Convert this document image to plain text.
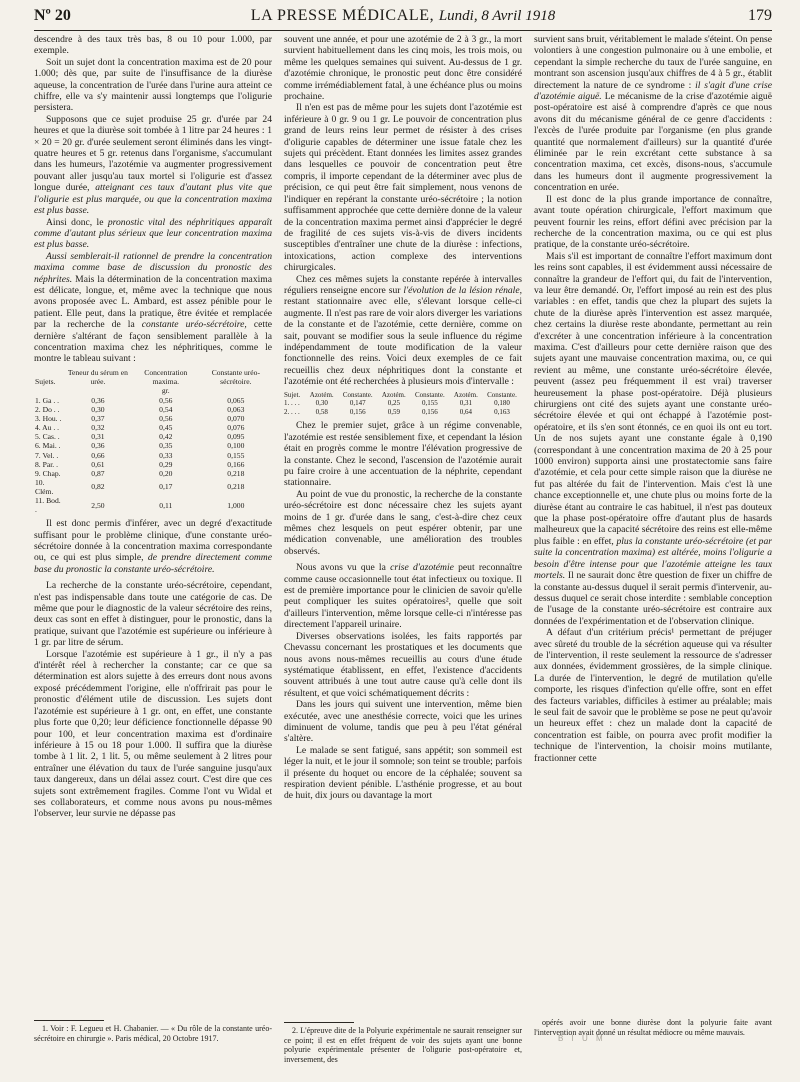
Nº 20	LA PRESSE MÉDICALE, Lundi, 8 Avril 1918	179

descendre à des taux très bas, 8 ou 10 pour 1.000, par exemple.

Soit un sujet dont la concentration maxima est de 20 pour 1.000; dès que, par suite de l'insuffisance de la diurèse aqueuse, la concentration de l'urée dans l'urine aura atteint ce chiffre, elle va s'y maintenir aussi longtemps que l'oligurie persistera.

Supposons que ce sujet produise 25 gr. d'urée par 24 heures et que la diurèse soit tombée à 1 litre par 24 heures : 1 × 20 = 20 gr. d'urée seulement seront éliminés dans les vingt-quatre heures et 5 gr. retenus dans l'organisme, s'accumulant dans les humeurs, l'azotémie va augmenter progressivement pouvant aller jusqu'au taux mortel si l'oligurie est d'assez longue durée, atteignant ces taux d'autant plus vite que l'oligurie est plus marquée, ou que la concentration maxima est plus basse.

Ainsi donc, le pronostic vital des néphritiques apparaît comme d'autant plus sérieux que leur concentration maxima est plus basse.

Aussi semblerait-il rationnel de prendre la concentration maxima comme base de discussion du pronostic des néphrites. Mais la détermination de la concentration maxima est délicate, longue, et, même avec la technique que nous avons proposée avec L. Ambard, est assez pénible pour le patient. Elle peut, dans la pratique, être évitée et remplacée par la recherche de la constante uréo-sécrétoire, cette dernière s'altérant de façon sensiblement parallèle à la concentration maxima chez les néphritiques, comme le montre le tableau suivant :

Sujets.	Teneur du sérum en urée.	Concentration maxima.	Constante uréo-sécrétoire.
		gr.	
1. Ga . .	0,36	0,56	0,065
2. Do . .	0,30	0,54	0,063
3. Hou. .	0,37	0,56	0,070
4. Au . .	0,32	0,45	0,076
5. Cas. .	0,31	0,42	0,095
6. Mai. .	0,36	0,35	0,100
7. Vel. .	0,66	0,33	0,155
8. Par. .	0,61	0,29	0,166
9. Chap.	0,87	0,20	0,218
10. Clém.	0,82	0,17	0,218
11. Bod. .	2,50	0,11	1,000

Il est donc permis d'inférer, avec un degré d'exactitude suffisant pour le problème clinique, d'une constante uréo-sécrétoire donnée à la concentration maxima correspondante ou, ce qui est plus simple, de prendre directement comme base du pronostic la constante uréo-sécrétoire.

La recherche de la constante uréo-sécrétoire, cependant, n'est pas indispensable dans toute une catégorie de cas. De même que pour le diagnostic de la valeur sécrétoire des reins, deux cas sont en effet à distinguer, pour le pronostic, dans la pratique, suivant que l'azotémie est supérieure ou inférieure à 1 gr. par litre de sérum.

Lorsque l'azotémie est supérieure à 1 gr., il n'y a pas d'intérêt réel à rechercher la constante; car ce que sa détermination est alors sujette à des erreurs dont nous avons exposé précédemment l'origine, elle n'offrirait pas pour le pronostic d'élément utile de discussion. Les sujets dont l'azotémie est supérieure à 1 gr. ont, en effet, une constante plus forte que 0,20; leur déficience fonctionnelle dépasse 90 pour 100, et leur concentration maxima est d'ordinaire inférieure à 15 ou 18 pour 1.000. Il suffira que la diurèse tombe à 1 lit. 2, 1 lit. 5, ou même seulement à 2 litres pour entraîner une élévation du taux de l'urée sanguine jusqu'aux taux dangereux, dans un délai assez court. C'est dire que ces sujets sont extrêmement fragiles. Comme l'ont vu Widal et ses collaborateurs, et comme nous avons pu nous-mêmes l'observer, leur survie ne dépasse pas

1. Voir : F. Legueu et H. Chabanier. — « Du rôle de la constante uréo-sécrétoire en chirurgie ». Paris médical, 20 Octobre 1917.

souvent une année, et pour une azotémie de 2 à 3 gr., la mort survient habituellement dans les cinq mois, les trois mois, ou même les quelques semaines qui suivent. Au-dessus de 1 gr. d'azotémie chronique, le pronostic peut donc être considéré comme irrémédiablement fatal, à une échéance plus ou moins prochaine.

Il n'en est pas de même pour les sujets dont l'azotémie est inférieure à 0 gr. 9 ou 1 gr. Le pouvoir de concentration plus grand de leurs reins leur permet de résister à des crises d'oligurie capables de déterminer une issue fatale chez les sujets qui précèdent. Etant données les limites assez grandes dans lesquelles ce pouvoir de concentration peut être compris, il importe cependant de la déterminer avec plus de précision, ce qui peut être fait simplement, nous venons de l'indiquer en repérant la constante uréo-sécrétoire ; la notion suffisamment approchée que cette dernière donne de la valeur de la concentration maxima permet ainsi d'apprécier le degré de fragilité de ces sujets vis-à-vis de divers incidents susceptibles d'entraîner une chute de la diurèse : infections, intoxications, action complexe des interventions chirurgicales.

Chez ces mêmes sujets la constante repérée à intervalles réguliers renseigne encore sur l'évolution de la lésion rénale, restant stationnaire avec elle, s'élevant lorsque celle-ci augmente. Il n'est pas rare de voir alors diverger les variations de la constante et de l'azotémie, cette dernière, comme on sait, pouvant se modifier sous la seule influence du régime indépendamment de toute modification de la valeur fonctionnelle des reins. Voici deux exemples de ce fait recueillis chez deux néphritiques dont la constante et l'azotémie ont été recherchées à plusieurs mois d'intervalle :

Sujet.	Azotém.	Constante.	Azotém.	Constante.	Azotém.	Constante.
1. . . .	0,30	0,147	0,25	0,155	0,31	0,180
2. . . .	0,58	0,156	0,59	0,156	0,64	0,163

Chez le premier sujet, grâce à un régime convenable, l'azotémie est restée sensiblement fixe, et cependant la lésion était en progrès comme le montre l'élévation progressive de la constante. Chez le second, l'ascension de l'azotémie aurait pu faire croire à une accentuation de la néphrite, cependant stationnaire.

Au point de vue du pronostic, la recherche de la constante uréo-sécrétoire est donc nécessaire chez les sujets ayant moins de 1 gr. d'urée dans le sang, c'est-à-dire chez ceux mêmes chez lesquels on peut espérer obtenir, par une médication convenable, une amélioration des troubles observés.

Nous avons vu que la crise d'azotémie peut reconnaître comme cause occasionnelle tout état infectieux ou toxique. Il est de première importance pour le clinicien de savoir qu'elle peut compliquer les suites opératoires², quelle que soit d'ailleurs l'intervention, même lorsque celle-ci n'intéresse pas directement l'appareil urinaire.

Diverses observations isolées, les faits rapportés par Chevassu concernant les prostatiques et les documents que nous avons nous-mêmes recueillis au cours d'une étude systématique établissent, en effet, l'existence d'accidents souvent attribués à une tout autre cause qu'à celle dont ils résultent, et que voici schématiquement décrits :

Dans les jours qui suivent une intervention, même bien exécutée, avec une anesthésie correcte, voici que les urines diminuent de volume, tandis que peu à peu l'état général s'altère.

Le malade se sent fatigué, sans appétit; son sommeil est léger la nuit, et le jour il somnole; son teint se trouble; parfois il présente du hoquet ou encore de la céphalée; souvent sa respiration devient pénible. L'asthénie progresse, et au bout de huit, dix jours ou davantage la mort

2. L'épreuve dite de la Polyurie expérimentale ne saurait renseigner sur ce point; il est en effet fréquent de voir des sujets ayant une bonne polyurie expérimentale présenter de l'oligurie post-opératoire et, inversement, des

survient sans bruit, véritablement le malade s'éteint. On pense volontiers à une congestion pulmonaire ou à une embolie, et cependant la simple recherche du taux de l'urée sanguine, en montrant son ascension jusqu'aux chiffres de 4 à 5 gr., établit directement la nature de ce syndrome : il s'agit d'une crise d'azotémie aiguë. Le mécanisme de la crise d'azotémie aiguë post-opératoire est aisé à comprendre d'après ce que nous avons dit du mécanisme général de ce genre d'accidents : l'excès de l'urée produite par l'organisme (en plus grande quantité que normalement d'ailleurs) sur la quantité d'urée éliminée par le rein excrétant cette substance à sa concentration maxima, cet excès, disons-nous, s'accumule dans les humeurs dont il augmente progressivement la concentration en urée.

Il est donc de la plus grande importance de connaître, avant toute opération chirurgicale, l'effort maximum que peuvent fournir les reins, effort défini avec précision par la recherche de la concentration maxima, ou ce qui est plus pratique, de la constante uréo-sécrétoire.

Mais s'il est important de connaître l'effort maximum dont les reins sont capables, il est évidemment aussi nécessaire de connaître la grandeur de l'effort qui, du fait de l'intervention, va leur être demandé. Or, l'effort imposé au rein est des plus variables : en effet, tandis que chez la plupart des sujets la chute de la diurèse après l'intervention est assez marquée, chez certains la diurèse reste abondante, permettant au rein d'excréter à une concentration inférieure à la concentration maxima. C'est d'ailleurs pour cette dernière raison que des sujets ayant une mauvaise concentration maxima, ou, ce qui revient au même, une constante uréo-sécrétoire élevée, peuvent (assez peu fréquemment il est vrai) traverser heureusement la phase post-opératoire. Déjà plusieurs chirurgiens ont cité des sujets ayant une constante uréo-sécrétoire élevée et qui ont échappé à l'azotémie post-opératoire, et ils s'en sont étonnés, ce en quoi ils ont eu tort. Un de nos sujets ayant une constante égale à 0,190 (correspondant à une concentration maxima de 20 à 25 pour 1000 environ) supporta ainsi une prostatectomie sans faire d'azotémie, et cela pour cette simple raison que la diurèse ne fut pas altérée du fait de l'intervention. Mais c'est là une chance exceptionnelle et, une chute plus ou moins forte de la diurèse étant au contraire le cas habituel, il n'est pas douteux que la phase post-opératoire offre d'autant plus de hasards malheureux que la capacité sécrétoire des reins est elle-même plus faible : en effet, plus la constante uréo-sécrétoire (et par suite la concentration maxima) est altérée, moins l'oligurie a besoin d'être intense pour que l'azotémie atteigne les taux mortels. Il ne saurait donc être question de fixer un chiffre de la constante au-dessus duquel il serait permis d'intervenir, au-dessus duquel ce serait chose interdite : semblable conception de l'usage de la constante uréo-sécrétoire est contraire aux données de l'expérimentation et de l'observation clinique.

A défaut d'un critérium précis¹ permettant de préjuger avec sûreté du trouble de la sécrétion aqueuse qui va résulter de l'intervention, il reste seulement la ressource de s'adresser aux données, évidemment grossières, de la simple clinique. La durée de l'intervention, le degré de mutilation qu'elle comporte, les risques d'infection qu'elle offre, sont en effet des facteurs variables, difficiles à estimer au préalable; mais le seul fait de savoir que le problème se pose ne peut qu'avoir un heureux effet : chez un malade dont la capacité de concentration est faible, on pourra avec profit modifier la technique de l'intervention, la choisir moins mutilante, fractionner cette

opérés avoir une bonne diurèse dont la polyurie faite avant l'intervention avait donné un résultat médiocre ou même mauvais.

B I U M
